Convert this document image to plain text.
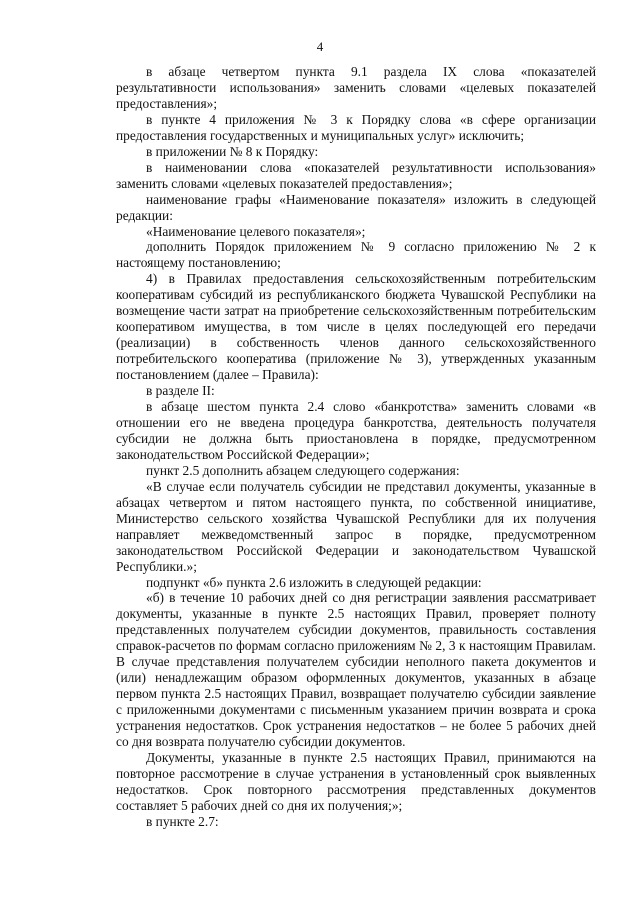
4

в абзаце четвертом пункта 9.1 раздела IX слова «показателей результативности использования» заменить словами «целевых показателей предоставления»;

в пункте 4 приложения № 3 к Порядку слова «в сфере организации предоставления государственных и муниципальных услуг» исключить;

в приложении № 8 к Порядку:

в наименовании слова «показателей результативности использования» заменить словами «целевых показателей предоставления»;

наименование графы «Наименование показателя» изложить в следующей редакции:

«Наименование целевого показателя»;

дополнить Порядок приложением № 9 согласно приложению № 2 к настоящему постановлению;

4) в Правилах предоставления сельскохозяйственным потребительским кооперативам субсидий из республиканского бюджета Чувашской Республики на возмещение части затрат на приобретение сельскохозяйственным потребительским кооперативом имущества, в том числе в целях последующей его передачи (реализации) в собственность членов данного сельскохозяйственного потребительского кооператива (приложение № 3), утвержденных указанным постановлением (далее – Правила):

в разделе II:

в абзаце шестом пункта 2.4 слово «банкротства» заменить словами «в отношении его не введена процедура банкротства, деятельность получателя субсидии не должна быть приостановлена в порядке, предусмотренном законодательством Российской Федерации»;

пункт 2.5 дополнить абзацем следующего содержания:

«В случае если получатель субсидии не представил документы, указанные в абзацах четвертом и пятом настоящего пункта, по собственной инициативе, Министерство сельского хозяйства Чувашской Республики для их получения направляет межведомственный запрос в порядке, предусмотренном законодательством Российской Федерации и законодательством Чувашской Республики.»;

подпункт «б» пункта 2.6 изложить в следующей редакции:

«б) в течение 10 рабочих дней со дня регистрации заявления рассматривает документы, указанные в пункте 2.5 настоящих Правил, проверяет полноту представленных получателем субсидии документов, правильность составления справок-расчетов по формам согласно приложениям № 2, 3 к настоящим Правилам. В случае представления получателем субсидии неполного пакета документов и (или) ненадлежащим образом оформленных документов, указанных в абзаце первом пункта 2.5 настоящих Правил, возвращает получателю субсидии заявление с приложенными документами с письменным указанием причин возврата и срока устранения недостатков. Срок устранения недостатков – не более 5 рабочих дней со дня возврата получателю субсидии документов.

Документы, указанные в пункте 2.5 настоящих Правил, принимаются на повторное рассмотрение в случае устранения в установленный срок выявленных недостатков. Срок повторного рассмотрения представленных документов составляет 5 рабочих дней со дня их получения;»;

в пункте 2.7:
